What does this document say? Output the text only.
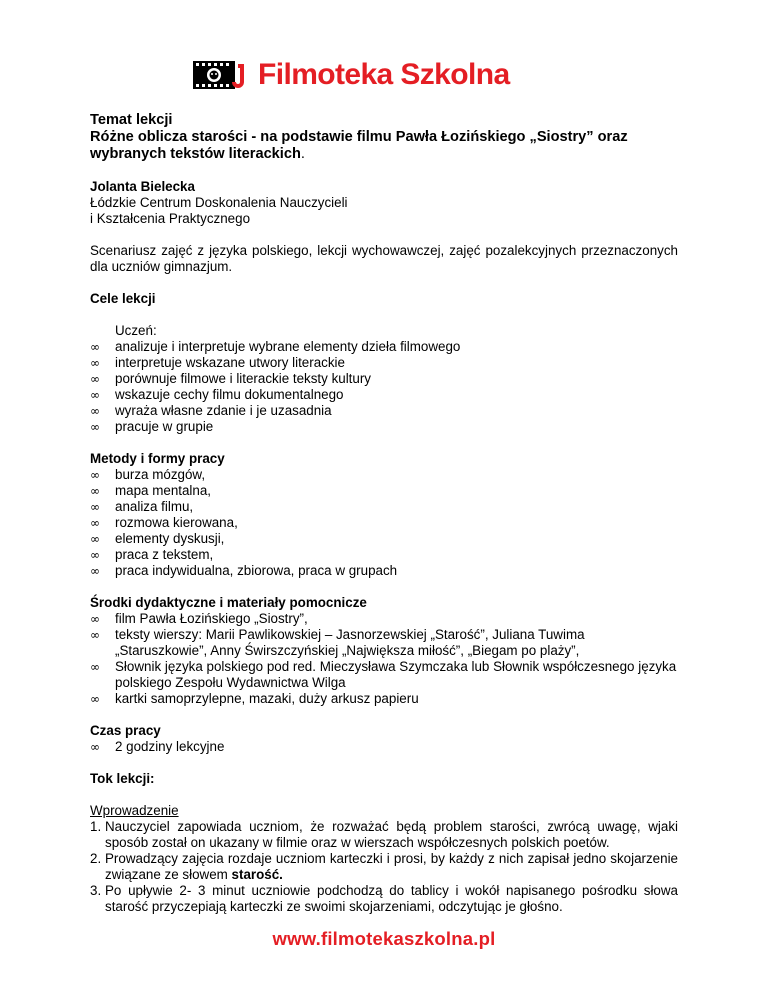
Filmoteka Szkolna

Temat lekcji

Różne oblicza starości - na podstawie filmu Pawła Łozińskiego „Siostry” oraz wybranych tekstów literackich.

Jolanta Bielecka

Łódzkie Centrum Doskonalenia Nauczycieli

i Kształcenia Praktycznego

Scenariusz zajęć z języka polskiego, lekcji wychowawczej, zajęć pozalekcyjnych przeznaczonych dla uczniów gimnazjum.

Cele lekcji

Uczeń:

∞ analizuje i interpretuje wybrane elementy dzieła filmowego
∞ interpretuje wskazane utwory literackie
∞ porównuje filmowe i literackie teksty kultury
∞ wskazuje cechy filmu dokumentalnego
∞ wyraża własne zdanie i je uzasadnia
∞ pracuje w grupie

Metody i formy pracy

∞ burza mózgów,
∞ mapa mentalna,
∞ analiza filmu,
∞ rozmowa kierowana,
∞ elementy dyskusji,
∞ praca z tekstem,
∞ praca indywidualna, zbiorowa, praca w grupach

Środki dydaktyczne i materiały pomocnicze

∞ film Pawła Łozińskiego „Siostry”,
∞ teksty wierszy: Marii Pawlikowskiej – Jasnorzewskiej „Starość”, Juliana Tuwima „Staruszkowie”, Anny Świrszczyńskiej „Największa miłość”, „Biegam po plaży”,
∞ Słownik języka polskiego pod red. Mieczysława Szymczaka lub Słownik współczesnego języka polskiego Zespołu Wydawnictwa Wilga
∞ kartki samoprzylepne, mazaki, duży arkusz papieru

Czas pracy

∞ 2 godziny lekcyjne

Tok lekcji:

Wprowadzenie

1. Nauczyciel zapowiada uczniom, że rozważać będą problem starości, zwrócą uwagę, wjaki sposób został on ukazany w filmie oraz w wierszach współczesnych polskich poetów.
2. Prowadzący zajęcia rozdaje uczniom karteczki i prosi, by każdy z nich zapisał jedno skojarzenie związane ze słowem starość.
3. Po upływie 2- 3 minut uczniowie podchodzą do tablicy i wokół napisanego pośrodku słowa starość przyczepiają karteczki ze swoimi skojarzeniami, odczytując je głośno.
www.filmotekaszkolna.pl
